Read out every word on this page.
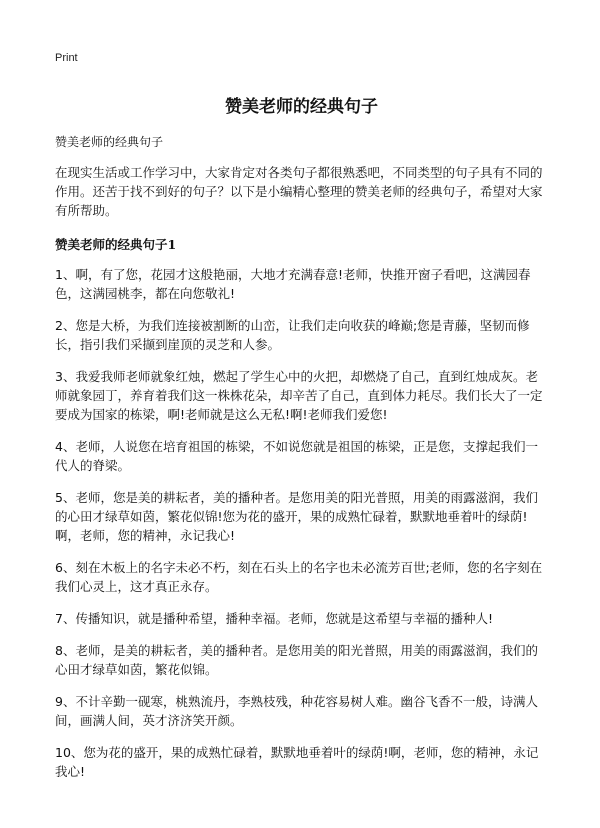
Print
赞美老师的经典句子
赞美老师的经典句子

在现实生活或工作学习中，大家肯定对各类句子都很熟悉吧，不同类型的句子具有不同的作用。还苦于找不到好的句子？以下是小编精心整理的赞美老师的经典句子，希望对大家有所帮助。

赞美老师的经典句子1
1、啊，有了您，花园才这般艳丽，大地才充满春意!老师，快推开窗子看吧，这满园春色，这满园桃李，都在向您敬礼!
2、您是大桥，为我们连接被割断的山峦，让我们走向收获的峰巅;您是青藤，坚韧而修长，指引我们采撷到崖顶的灵芝和人参。
3、我爱我师老师就象红烛，燃起了学生心中的火把，却燃烧了自己，直到红烛成灰。老师就象园丁，养育着我们这一株株花朵，却辛苦了自己，直到体力耗尽。我们长大了一定要成为国家的栋梁，啊!老师就是这么无私!啊!老师我们爱您!
4、老师，人说您在培育祖国的栋梁，不如说您就是祖国的栋梁，正是您，支撑起我们一代人的脊梁。
5、老师，您是美的耕耘者，美的播种者。是您用美的阳光普照，用美的雨露滋润，我们的心田才绿草如茵，繁花似锦!您为花的盛开，果的成熟忙碌着，默默地垂着叶的绿荫!啊，老师，您的精神，永记我心!
6、刻在木板上的名字未必不朽，刻在石头上的名字也未必流芳百世;老师，您的名字刻在我们心灵上，这才真正永存。
7、传播知识，就是播种希望，播种幸福。老师，您就是这希望与幸福的播种人!
8、老师，是美的耕耘者，美的播种者。是您用美的阳光普照，用美的雨露滋润，我们的心田才绿草如茵，繁花似锦。
9、不计辛勤一砚寒，桃熟流丹，李熟枝残，种花容易树人难。幽谷飞香不一般，诗满人间，画满人间，英才济济笑开颜。
10、您为花的盛开，果的成熟忙碌着，默默地垂着叶的绿荫!啊，老师，您的精神，永记我心!
